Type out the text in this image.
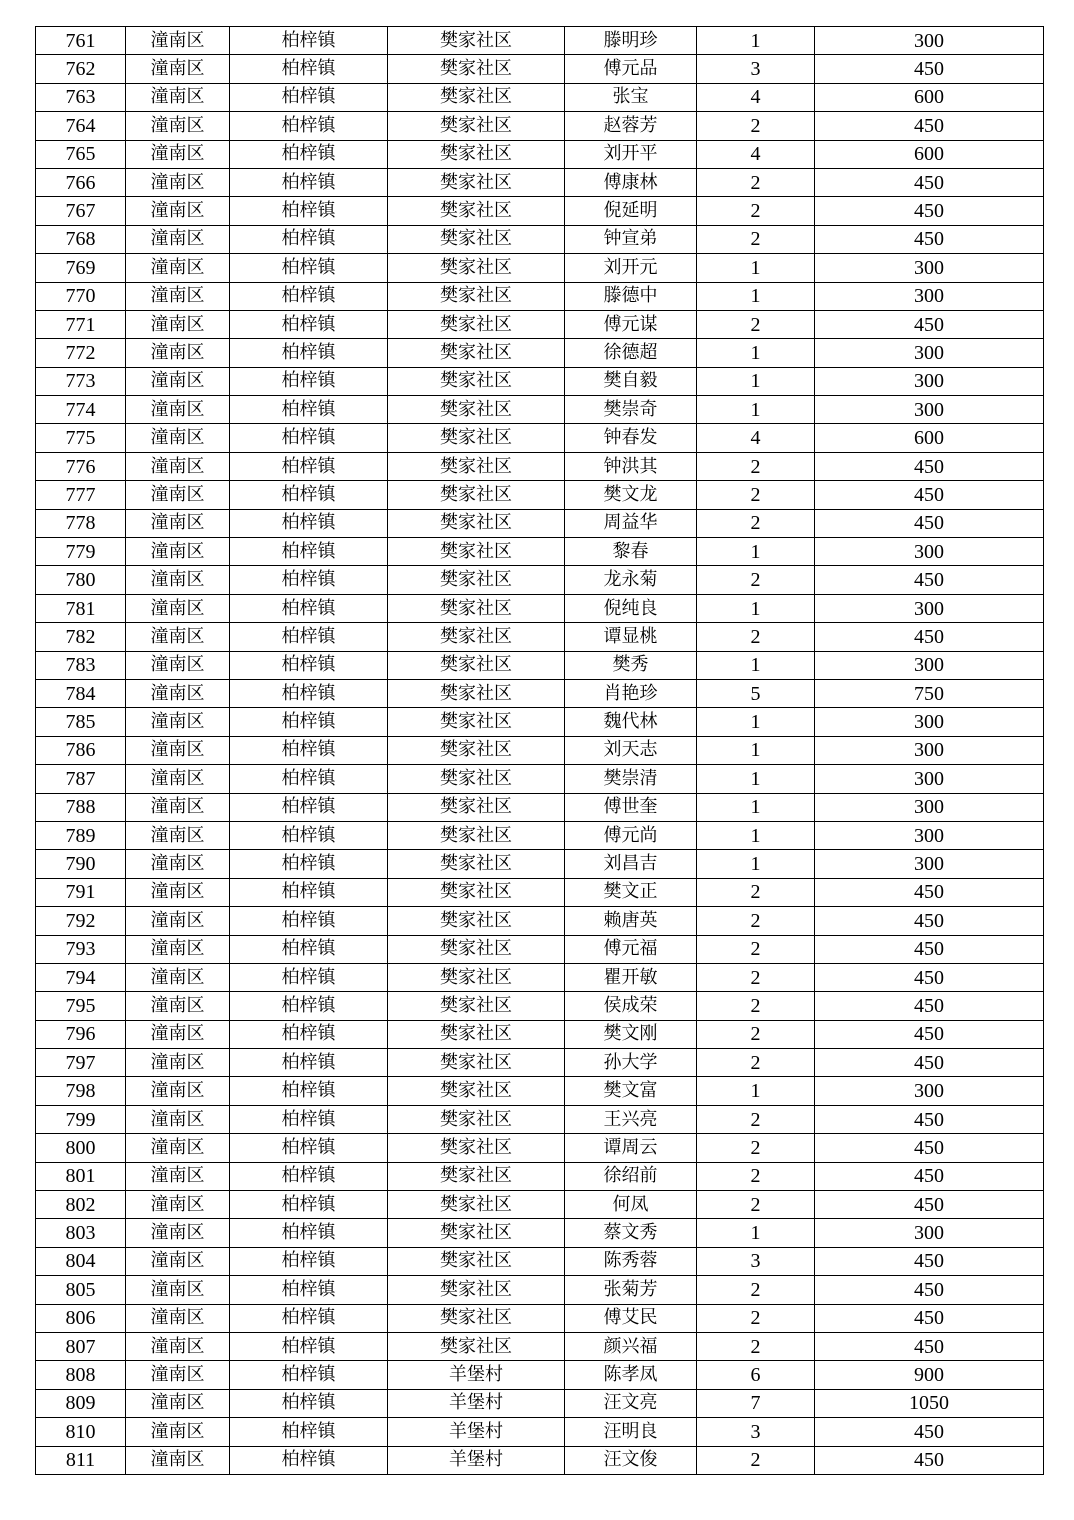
761	潼南区	柏梓镇	樊家社区	滕明珍	1	300
762	潼南区	柏梓镇	樊家社区	傅元品	3	450
763	潼南区	柏梓镇	樊家社区	张宝	4	600
764	潼南区	柏梓镇	樊家社区	赵蓉芳	2	450
765	潼南区	柏梓镇	樊家社区	刘开平	4	600
766	潼南区	柏梓镇	樊家社区	傅康林	2	450
767	潼南区	柏梓镇	樊家社区	倪延明	2	450
768	潼南区	柏梓镇	樊家社区	钟宣弟	2	450
769	潼南区	柏梓镇	樊家社区	刘开元	1	300
770	潼南区	柏梓镇	樊家社区	滕德中	1	300
771	潼南区	柏梓镇	樊家社区	傅元谋	2	450
772	潼南区	柏梓镇	樊家社区	徐德超	1	300
773	潼南区	柏梓镇	樊家社区	樊自毅	1	300
774	潼南区	柏梓镇	樊家社区	樊崇奇	1	300
775	潼南区	柏梓镇	樊家社区	钟春发	4	600
776	潼南区	柏梓镇	樊家社区	钟洪其	2	450
777	潼南区	柏梓镇	樊家社区	樊文龙	2	450
778	潼南区	柏梓镇	樊家社区	周益华	2	450
779	潼南区	柏梓镇	樊家社区	黎春	1	300
780	潼南区	柏梓镇	樊家社区	龙永菊	2	450
781	潼南区	柏梓镇	樊家社区	倪纯良	1	300
782	潼南区	柏梓镇	樊家社区	谭显桃	2	450
783	潼南区	柏梓镇	樊家社区	樊秀	1	300
784	潼南区	柏梓镇	樊家社区	肖艳珍	5	750
785	潼南区	柏梓镇	樊家社区	魏代林	1	300
786	潼南区	柏梓镇	樊家社区	刘天志	1	300
787	潼南区	柏梓镇	樊家社区	樊崇清	1	300
788	潼南区	柏梓镇	樊家社区	傅世奎	1	300
789	潼南区	柏梓镇	樊家社区	傅元尚	1	300
790	潼南区	柏梓镇	樊家社区	刘昌吉	1	300
791	潼南区	柏梓镇	樊家社区	樊文正	2	450
792	潼南区	柏梓镇	樊家社区	赖唐英	2	450
793	潼南区	柏梓镇	樊家社区	傅元福	2	450
794	潼南区	柏梓镇	樊家社区	瞿开敏	2	450
795	潼南区	柏梓镇	樊家社区	侯成荣	2	450
796	潼南区	柏梓镇	樊家社区	樊文刚	2	450
797	潼南区	柏梓镇	樊家社区	孙大学	2	450
798	潼南区	柏梓镇	樊家社区	樊文富	1	300
799	潼南区	柏梓镇	樊家社区	王兴亮	2	450
800	潼南区	柏梓镇	樊家社区	谭周云	2	450
801	潼南区	柏梓镇	樊家社区	徐绍前	2	450
802	潼南区	柏梓镇	樊家社区	何凤	2	450
803	潼南区	柏梓镇	樊家社区	蔡文秀	1	300
804	潼南区	柏梓镇	樊家社区	陈秀蓉	3	450
805	潼南区	柏梓镇	樊家社区	张菊芳	2	450
806	潼南区	柏梓镇	樊家社区	傅艾民	2	450
807	潼南区	柏梓镇	樊家社区	颜兴福	2	450
808	潼南区	柏梓镇	羊堡村	陈孝凤	6	900
809	潼南区	柏梓镇	羊堡村	汪文亮	7	1050
810	潼南区	柏梓镇	羊堡村	汪明良	3	450
811	潼南区	柏梓镇	羊堡村	汪文俊	2	450
